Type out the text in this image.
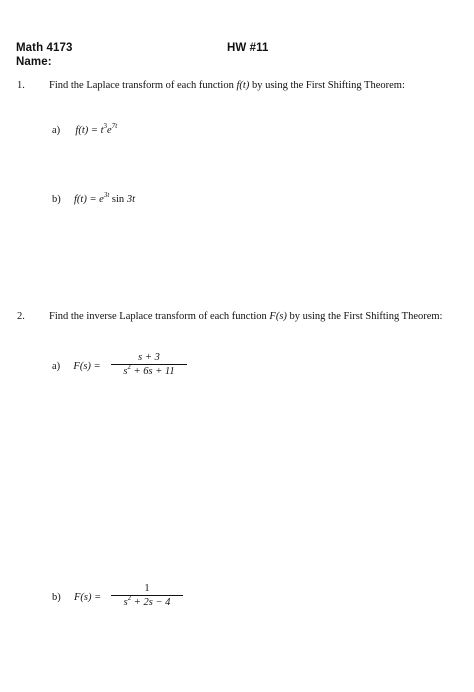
Math 4173
Name:
HW #11
1. Find the Laplace transform of each function f(t) by using the First Shifting Theorem:
a) $f(t) = t^3e^{7t}$
b) $f(t) = e^{3t}$ sin 3t
2. Find the inverse Laplace transform of each function F(s) by using the First Shifting Theorem:
a) F(s) =
s + 3
$s^2 + 6s + 11$
b) F(s) =
1
$s^2 + 2s - 4$
